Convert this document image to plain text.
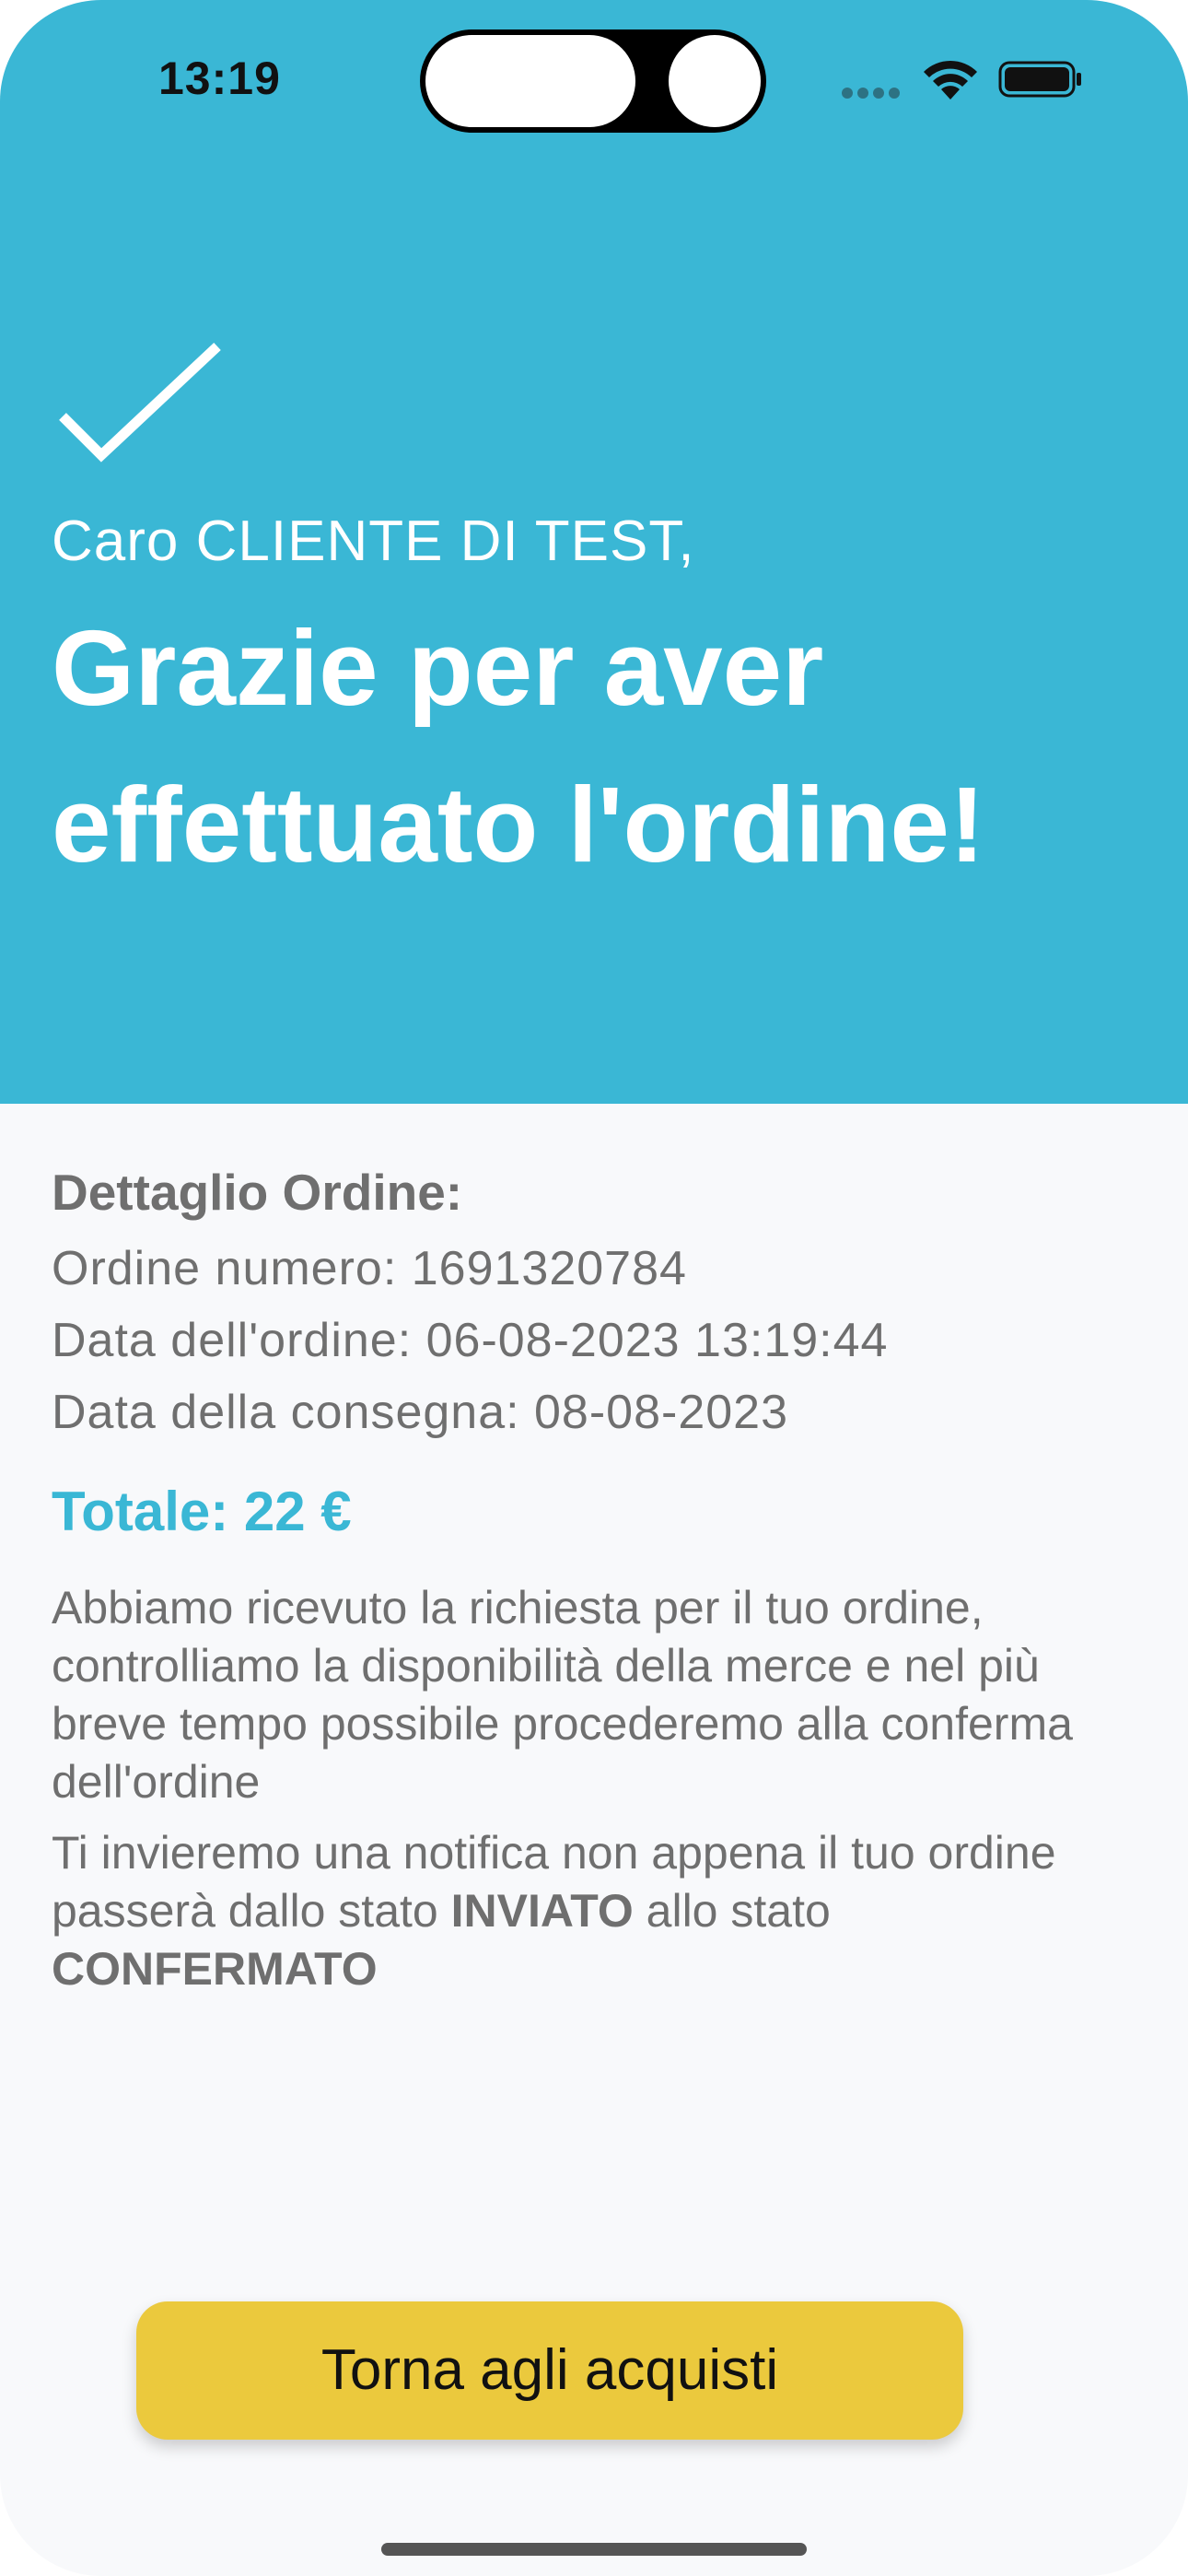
13:19
Caro CLIENTE DI TEST,
Grazie per aver effettuato l'ordine!
Dettaglio Ordine:
Ordine numero: 1691320784
Data dell'ordine: 06-08-2023 13:19:44
Data della consegna: 08-08-2023
Totale: 22 €
Abbiamo ricevuto la richiesta per il tuo ordine, controlliamo la disponibilità della merce e nel più breve tempo possibile procederemo alla conferma dell'ordine
Ti invieremo una notifica non appena il tuo ordine passerà dallo stato INVIATO allo stato CONFERMATO
Torna agli acquisti
